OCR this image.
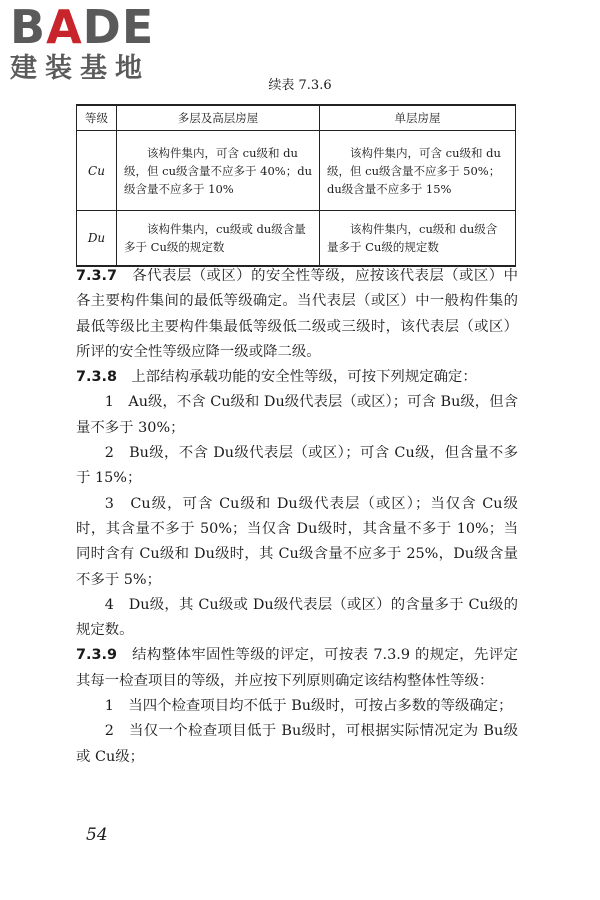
BADE
建装基地
续表 7.3.6
等级	多层及高层房屋	单层房屋
Cu	该构件集内，可含 cu级和 du级，但 cu级含量不应多于 40%；du级含量不应多于 10%	该构件集内，可含 cu级和 du级，但 cu级含量不应多于 50%；du级含量不应多于 15%
Du	该构件集内，cu级或 du级含量多于 Cu级的规定数	该构件集内，cu级和 du级含量多于 Cu级的规定数

7.3.7　 各代表层（或区）的安全性等级，应按该代表层（或区）中各主要构件集间的最低等级确定。当代表层（或区）中一般构件集的最低等级比主要构件集最低等级低二级或三级时，该代表层（或区）所评的安全性等级应降一级或降二级。

7.3.8　 上部结构承载功能的安全性等级，可按下列规定确定：

1　Au级，不含 Cu级和 Du级代表层（或区）；可含 Bu级，但含量不多于 30%；

2　Bu级，不含 Du级代表层（或区）；可含 Cu级，但含量不多于 15%；

3　Cu级，可含 Cu级和 Du级代表层（或区）；当仅含 Cu级时，其含量不多于 50%；当仅含 Du级时，其含量不多于 10%；当同时含有 Cu级和 Du级时，其 Cu级含量不应多于 25%，Du级含量不多于 5%；

4　Du级，其 Cu级或 Du级代表层（或区）的含量多于 Cu级的规定数。

7.3.9　 结构整体牢固性等级的评定，可按表 7.3.9 的规定，先评定其每一检查项目的等级，并应按下列原则确定该结构整体性等级：

1　当四个检查项目均不低于 Bu级时，可按占多数的等级确定；

2　当仅一个检查项目低于 Bu级时，可根据实际情况定为 Bu级或 Cu级；

54
